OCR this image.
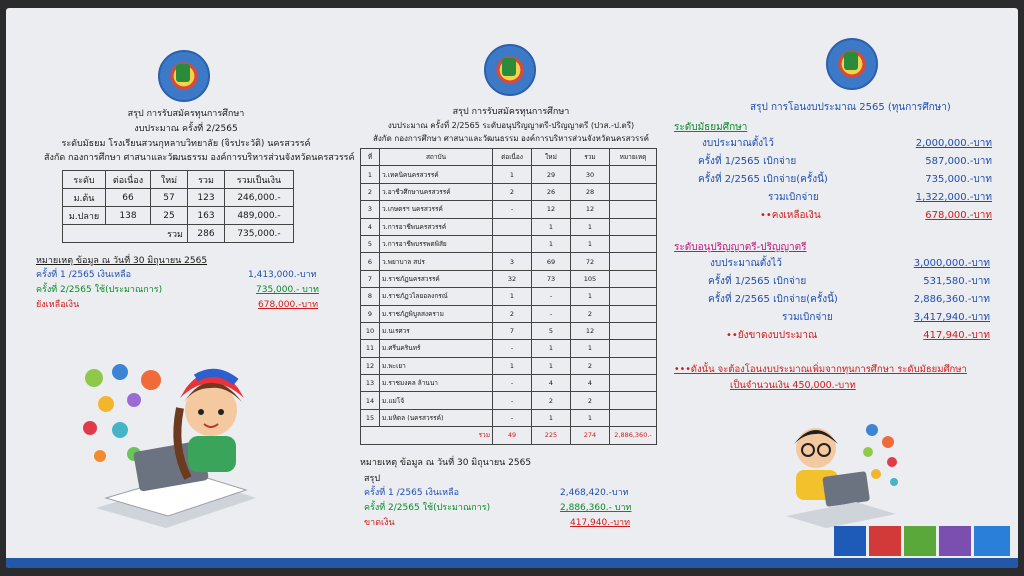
สรุป การรับสมัครทุนการศึกษา
งบประมาณ ครั้งที่ 2/2565
ระดับมัธยม โรงเรียนสวนกุหลาบวิทยาลัย (จิรประวัติ) นครสวรรค์
สังกัด กองการศึกษา ศาสนาและวัฒนธรรม องค์การบริหารส่วนจังหวัดนครสวรรค์
ระดับ	ต่อเนื่อง	ใหม่	รวม	รวมเป็นเงิน
ม.ต้น	66	57	123	246,000.-
ม.ปลาย	138	25	163	489,000.-
รวม			286	735,000.-
หมายเหตุ ข้อมูล ณ วันที่ 30 มิถุนายน 2565
ครั้งที่ 1 /2565 เงินเหลือ	1,413,000.-บาท
ครั้งที่ 2/2565 ใช้(ประมาณการ)	735,000.- บาท
ยังเหลือเงิน	678,000.-บาท
สรุป การรับสมัครทุนการศึกษา
งบประมาณ ครั้งที่ 2/2565 ระดับอนุปริญญาตรี-ปริญญาตรี (ปวส.-ป.ตรี)
สังกัด กองการศึกษา ศาสนาและวัฒนธรรม องค์การบริหารส่วนจังหวัดนครสวรรค์
ที่	สถาบัน	ต่อเนื่อง	ใหม่	รวม	หมายเหตุ
1	ว.เทคนิคนครสวรรค์	1	29	30	
2	ว.อาชีวศึกษานครสวรรค์	2	26	28	
3	ว.เกษตรฯ นครสวรรค์	-	12	12	
4	ว.การอาชีพนครสวรรค์		1	1	
5	ว.การอาชีพบรรพตพิสัย		1	1	
6	ว.พยาบาล สปร	3	69	72	
7	ม.ราชภัฏนครสวรรค์	32	73	105	
8	ม.ราชภัฏวไลยอลงกรณ์	1	-	1	
9	ม.ราชภัฏพิบูลสงคราม	2	-	2	
10	ม.นเรศวร	7	5	12	
11	ม.ศรีนครินทร์	-	1	1	
12	ม.พะเยา	1	1	2	
13	ม.ราชมงคล ล้านนา	-	4	4	
14	ม.แม่โจ้	-	2	2	
15	ม.มหิดล (นครสวรรค์)	-	1	1	
รวม		49	225	274	2,886,360.-
หมายเหตุ ข้อมูล ณ วันที่ 30 มิถุนายน 2565
สรุป
ครั้งที่ 1 /2565 เงินเหลือ	2,468,420.-บาท
ครั้งที่ 2/2565 ใช้(ประมาณการ)	2,886,360.- บาท
ขาดเงิน	417,940.-บาท
สรุป การโอนงบประมาณ 2565 (ทุนการศึกษา)
ระดับมัธยมศึกษา
งบประมาณตั้งไว้	2,000,000.-บาท
ครั้งที่ 1/2565 เบิกจ่าย	587,000.-บาท
ครั้งที่ 2/2565 เบิกจ่าย(ครั้งนี้)	735,000.-บาท
รวมเบิกจ่าย	1,322,000.-บาท
••คงเหลือเงิน	678,000.-บาท
ระดับอนุปริญญาตรี-ปริญญาตรี
งบประมาณตั้งไว้	3,000,000.-บาท
ครั้งที่ 1/2565 เบิกจ่าย	531,580.-บาท
ครั้งที่ 2/2565 เบิกจ่าย(ครั้งนี้)	2,886,360.-บาท
รวมเบิกจ่าย	3,417,940.-บาท
••ยังขาดงบประมาณ	417,940.-บาท
•••ดังนั้น จะต้องโอนงบประมาณเพิ่มจากทุนการศึกษา ระดับมัธยมศึกษา
เป็นจำนวนเงิน 450,000.-บาท
